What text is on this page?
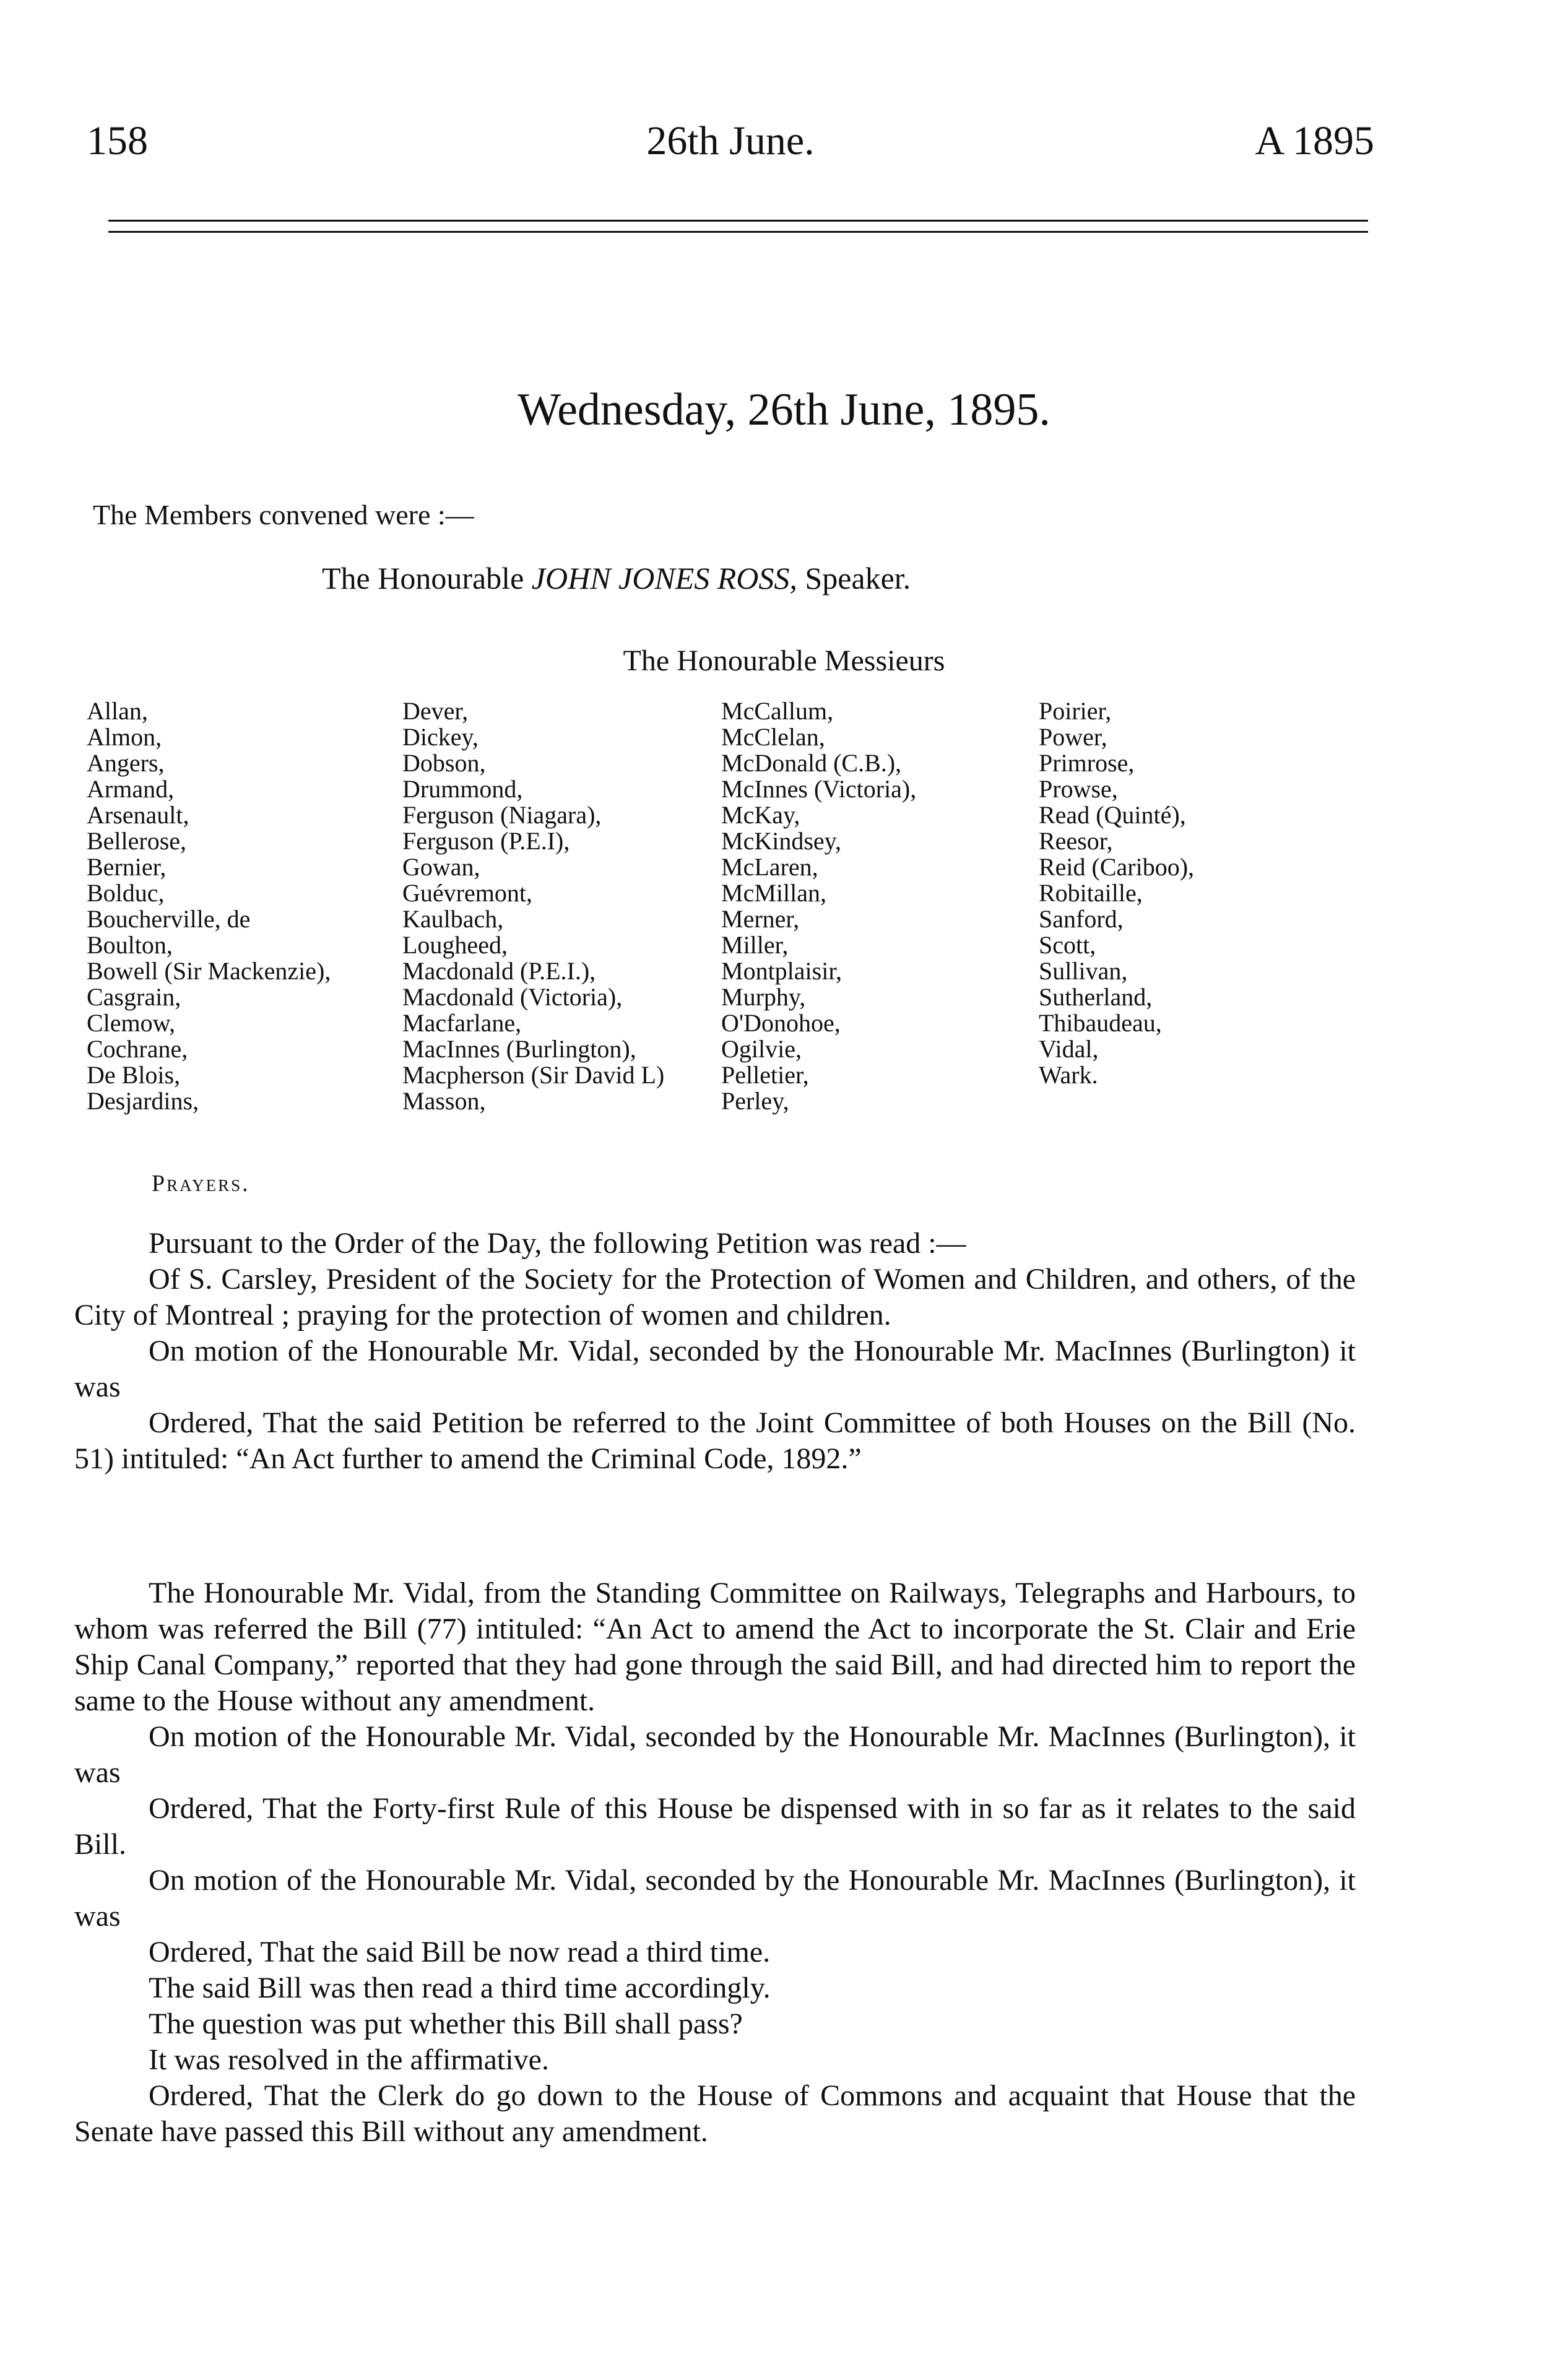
158	26th June.	A 1895
Wednesday, 26th June, 1895.
The Members convened were :—
The Honourable JOHN JONES ROSS, Speaker.
The Honourable Messieurs
Allan,
Almon,
Angers,
Armand,
Arsenault,
Bellerose,
Bernier,
Bolduc,
Boucherville, de
Boulton,
Bowell (Sir Mackenzie),
Casgrain,
Clemow,
Cochrane,
De Blois,
Desjardins,
Dever,
Dickey,
Dobson,
Drummond,
Ferguson (Niagara),
Ferguson (P.E.I),
Gowan,
Guévremont,
Kaulbach,
Lougheed,
Macdonald (P.E.I.),
Macdonald (Victoria),
Macfarlane,
MacInnes (Burlington),
Macpherson (Sir David L)
Masson,
McCallum,
McClelan,
McDonald (C.B.),
McInnes (Victoria),
McKay,
McKindsey,
McLaren,
McMillan,
Merner,
Miller,
Montplaisir,
Murphy,
O'Donohoe,
Ogilvie,
Pelletier,
Perley,
Poirier,
Power,
Primrose,
Prowse,
Read (Quinté),
Reesor,
Reid (Cariboo),
Robitaille,
Sanford,
Scott,
Sullivan,
Sutherland,
Thibaudeau,
Vidal,
Wark.
Prayers.

Pursuant to the Order of the Day, the following Petition was read :—

Of S. Carsley, President of the Society for the Protection of Women and Children, and others, of the City of Montreal ; praying for the protection of women and children.

On motion of the Honourable Mr. Vidal, seconded by the Honourable Mr. MacInnes (Burlington) it was

Ordered, That the said Petition be referred to the Joint Committee of both Houses on the Bill (No. 51) intituled: “An Act further to amend the Criminal Code, 1892.”

The Honourable Mr. Vidal, from the Standing Committee on Railways, Telegraphs and Harbours, to whom was referred the Bill (77) intituled: “An Act to amend the Act to incorporate the St. Clair and Erie Ship Canal Company,” reported that they had gone through the said Bill, and had directed him to report the same to the House without any amendment.

On motion of the Honourable Mr. Vidal, seconded by the Honourable Mr. MacInnes (Burlington), it was

Ordered, That the Forty-first Rule of this House be dispensed with in so far as it relates to the said Bill.

On motion of the Honourable Mr. Vidal, seconded by the Honourable Mr. MacInnes (Burlington), it was

Ordered, That the said Bill be now read a third time.

The said Bill was then read a third time accordingly.

The question was put whether this Bill shall pass?

It was resolved in the affirmative.

Ordered, That the Clerk do go down to the House of Commons and acquaint that House that the Senate have passed this Bill without any amendment.
